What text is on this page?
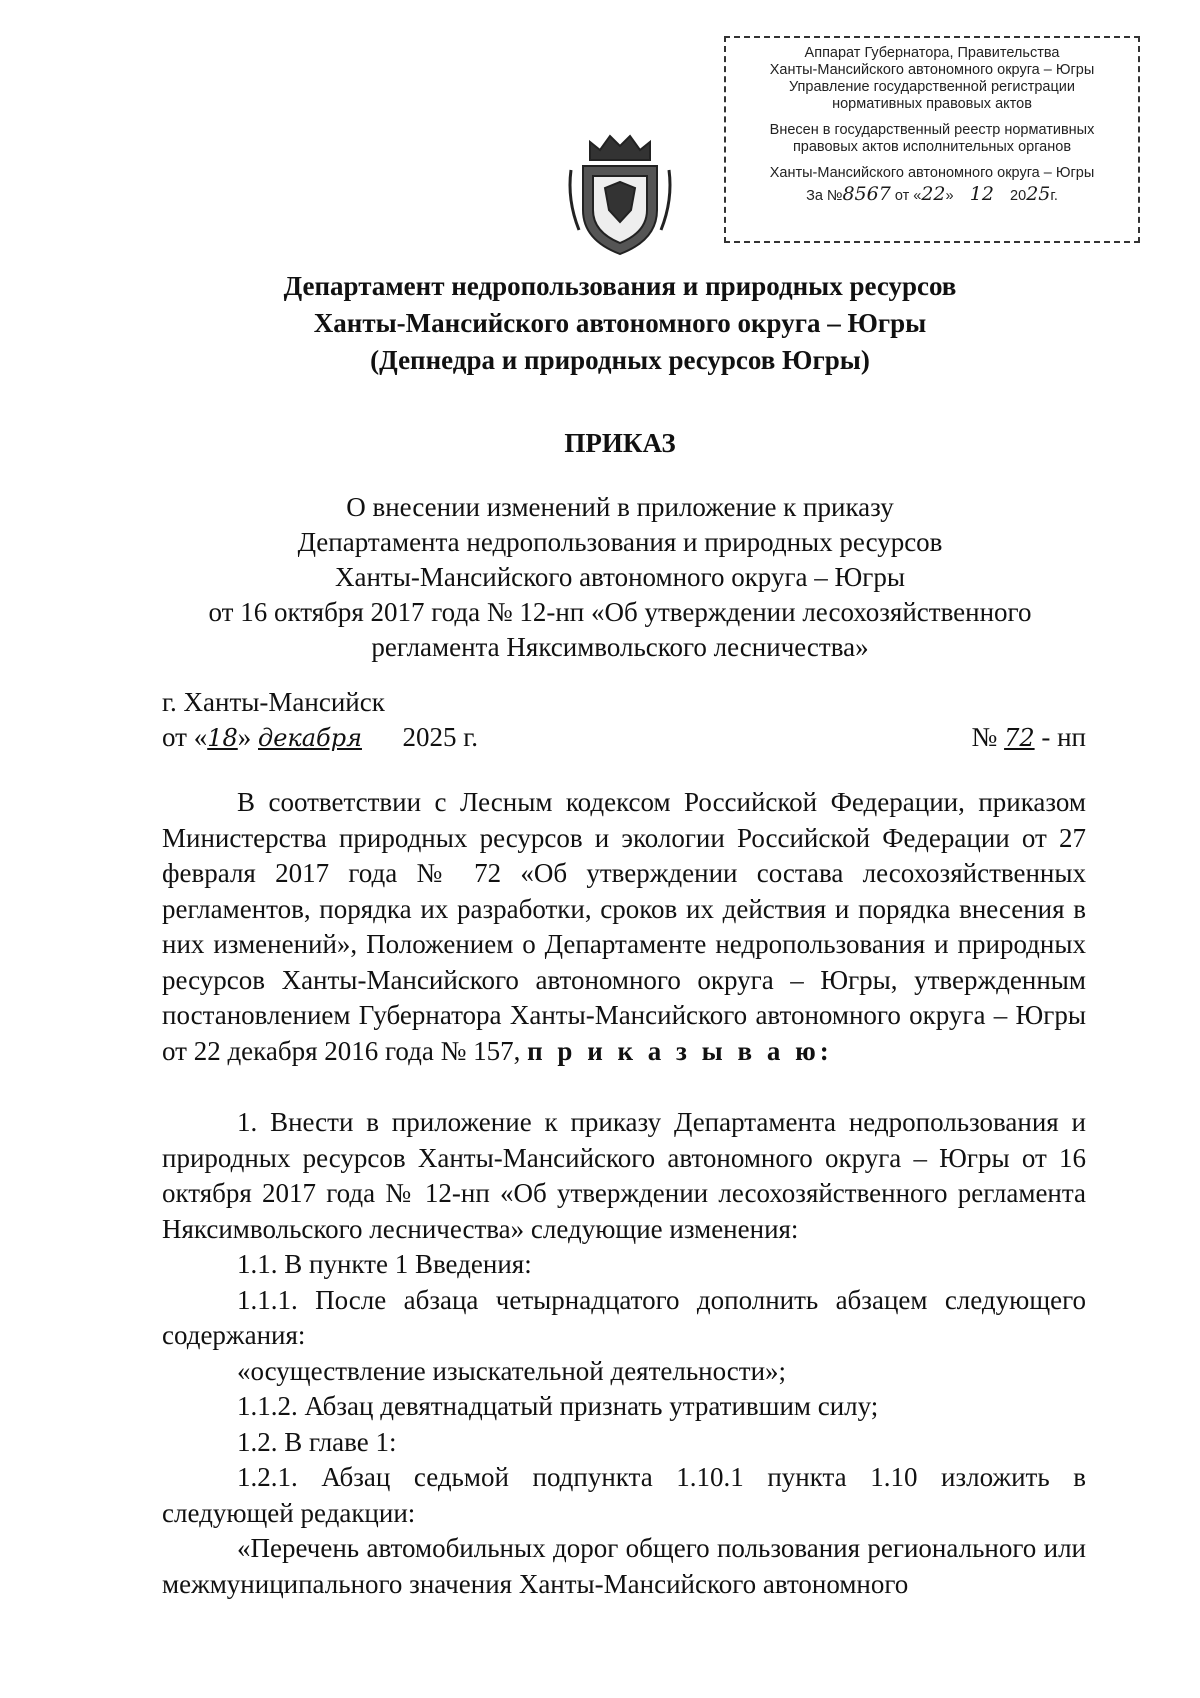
Аппарат Губернатора, Правительства
Ханты-Мансийского автономного округа – Югры
Управление государственной регистрации
нормативных правовых актов
Внесен в государственный реестр нормативных
правовых актов исполнительных органов
Ханты-Мансийского автономного округа – Югры
За №8567 от «22» 12 2025г.
Департамент недропользования и природных ресурсов
Ханты-Мансийского автономного округа – Югры
(Депнедра и природных ресурсов Югры)
ПРИКАЗ
О внесении изменений в приложение к приказу
Департамента недропользования и природных ресурсов
Ханты-Мансийского автономного округа – Югры
от 16 октября 2017 года № 12-нп «Об утверждении лесохозяйственного
регламента Няксимвольского лесничества»
г. Ханты-Мансийск
от «18» декабря 2025 г.	№ 72 - нп

В соответствии с Лесным кодексом Российской Федерации, приказом Министерства природных ресурсов и экологии Российской Федерации от 27 февраля 2017 года № 72 «Об утверждении состава лесохозяйственных регламентов, порядка их разработки, сроков их действия и порядка внесения в них изменений», Положением о Департаменте недропользования и природных ресурсов Ханты-Мансийского автономного округа – Югры, утвержденным постановлением Губернатора Ханты-Мансийского автономного округа – Югры от 22 декабря 2016 года № 157, п р и к а з ы в а ю:

1. Внести в приложение к приказу Департамента недропользования и природных ресурсов Ханты-Мансийского автономного округа – Югры от 16 октября 2017 года № 12-нп «Об утверждении лесохозяйственного регламента Няксимвольского лесничества» следующие изменения:

1.1. В пункте 1 Введения:

1.1.1. После абзаца четырнадцатого дополнить абзацем следующего содержания:

«осуществление изыскательной деятельности»;

1.1.2. Абзац девятнадцатый признать утратившим силу;

1.2. В главе 1:

1.2.1. Абзац седьмой подпункта 1.10.1 пункта 1.10 изложить в следующей редакции:

«Перечень автомобильных дорог общего пользования регионального или межмуниципального значения Ханты-Мансийского автономного
